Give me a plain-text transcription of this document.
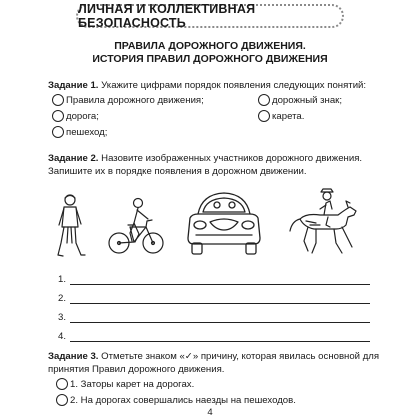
ЛИЧНАЯ И КОЛЛЕКТИВНАЯ БЕЗОПАСНОСТЬ
ПРАВИЛА ДОРОЖНОГО ДВИЖЕНИЯ.
ИСТОРИЯ ПРАВИЛ ДОРОЖНОГО ДВИЖЕНИЯ
Задание 1. Укажите цифрами порядок появления следующих понятий:
Правила дорожного движения;	дорожный знак;
дорога;	карета.
пешеход;
Задание 2. Назовите изображенных участников дорожного движения.
Запишите их в порядке появления в дорожном движении.
1.
2.
3.
4.
Задание 3. Отметьте знаком «✓» причину, которая явилась основной для
принятия Правил дорожного движения.
1. Заторы карет на дорогах.
2. На дорогах совершались наезды на пешеходов.
4
